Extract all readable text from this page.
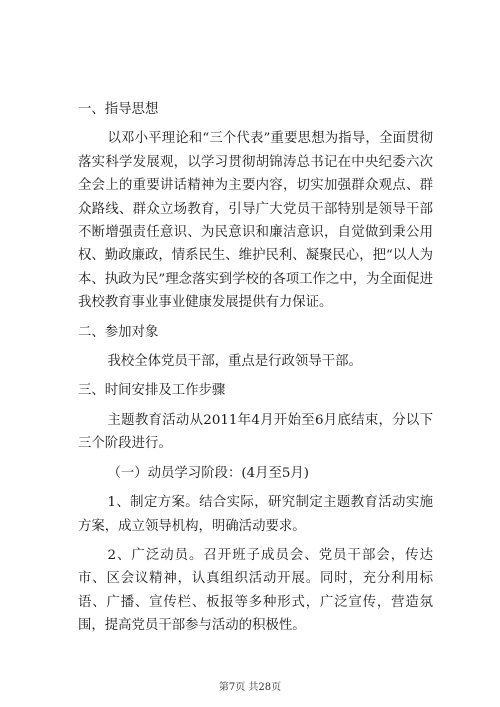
一、指导思想

以邓小平理论和“三个代表”重要思想为指导，全面贯彻落实科学发展观，以学习贯彻胡锦涛总书记在中央纪委六次全会上的重要讲话精神为主要内容，切实加强群众观点、群众路线、群众立场教育，引导广大党员干部特别是领导干部不断增强责任意识、为民意识和廉洁意识，自觉做到秉公用权、勤政廉政，情系民生、维护民利、凝聚民心，把“以人为本、执政为民”理念落实到学校的各项工作之中，为全面促进我校教育事业事业健康发展提供有力保证。

二、参加对象

我校全体党员干部，重点是行政领导干部。

三、时间安排及工作步骤

主题教育活动从2011年4月开始至6月底结束，分以下三个阶段进行。

（一）动员学习阶段：(4月至5月)

1、制定方案。结合实际，研究制定主题教育活动实施方案，成立领导机构，明确活动要求。

2、广泛动员。召开班子成员会、党员干部会，传达市、区会议精神，认真组织活动开展。同时，充分利用标语、广播、宣传栏、板报等多种形式，广泛宣传，营造氛围，提高党员干部参与活动的积极性。

第7页 共28页
